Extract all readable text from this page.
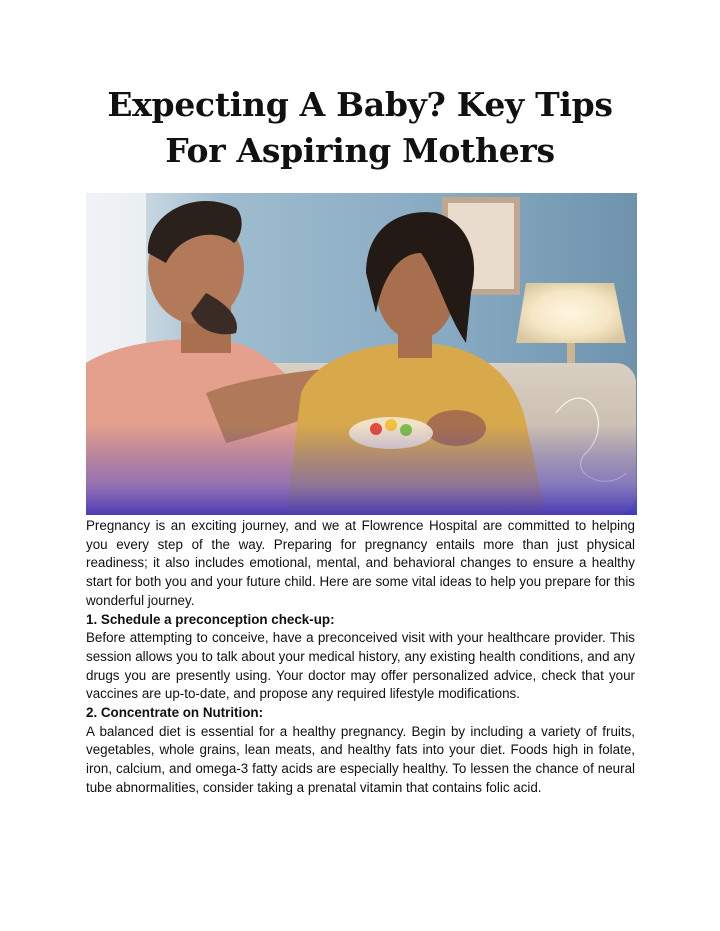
Expecting A Baby? Key Tips
For Aspiring Mothers

Pregnancy is an exciting journey, and we at Flowrence Hospital are committed to helping you every step of the way. Preparing for pregnancy entails more than just physical readiness; it also includes emotional, mental, and behavioral changes to ensure a healthy start for both you and your future child. Here are some vital ideas to help you prepare for this wonderful journey.

1. Schedule a preconception check-up:

Before attempting to conceive, have a preconceived visit with your healthcare provider. This session allows you to talk about your medical history, any existing health conditions, and any drugs you are presently using. Your doctor may offer personalized advice, check that your vaccines are up-to-date, and propose any required lifestyle modifications.

2. Concentrate on Nutrition:

A balanced diet is essential for a healthy pregnancy. Begin by including a variety of fruits, vegetables, whole grains, lean meats, and healthy fats into your diet. Foods high in folate, iron, calcium, and omega-3 fatty acids are especially healthy. To lessen the chance of neural tube abnormalities, consider taking a prenatal vitamin that contains folic acid.
